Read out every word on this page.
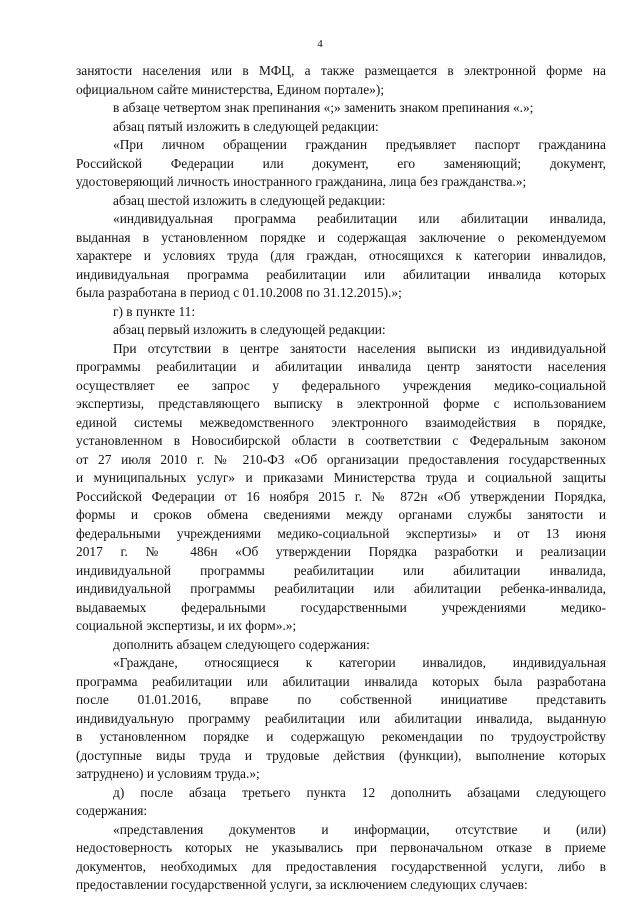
4
занятости населения или в МФЦ, а также размещается в электронной форме на
официальном сайте министерства, Едином портале»);
в абзаце четвертом знак препинания «;» заменить знаком препинания «.»;
абзац пятый изложить в следующей редакции:
«При личном обращении гражданин предъявляет паспорт гражданина
Российской Федерации или документ, его заменяющий; документ,
удостоверяющий личность иностранного гражданина, лица без гражданства.»;
абзац шестой изложить в следующей редакции:
«индивидуальная программа реабилитации или абилитации инвалида,
выданная в установленном порядке и содержащая заключение о рекомендуемом
характере и условиях труда (для граждан, относящихся к категории инвалидов,
индивидуальная программа реабилитации или абилитации инвалида которых
была разработана в период с 01.10.2008 по 31.12.2015).»;
г) в пункте 11:
абзац первый изложить в следующей редакции:
При отсутствии в центре занятости населения выписки из индивидуальной
программы реабилитации и абилитации инвалида центр занятости населения
осуществляет ее запрос у федерального учреждения медико-социальной
экспертизы, представляющего выписку в электронной форме с использованием
единой системы межведомственного электронного взаимодействия в порядке,
установленном в Новосибирской области в соответствии с Федеральным законом
от 27 июля 2010 г. № 210-ФЗ «Об организации предоставления государственных
и муниципальных услуг» и приказами Министерства труда и социальной защиты
Российской Федерации от 16 ноября 2015 г. № 872н «Об утверждении Порядка,
формы и сроков обмена сведениями между органами службы занятости и
федеральными учреждениями медико-социальной экспертизы» и от 13 июня
2017 г. № 486н «Об утверждении Порядка разработки и реализации
индивидуальной программы реабилитации или абилитации инвалида,
индивидуальной программы реабилитации или абилитации ребенка-инвалида,
выдаваемых федеральными государственными учреждениями медико-
социальной экспертизы, и их форм».»;
дополнить абзацем следующего содержания:
«Граждане, относящиеся к категории инвалидов, индивидуальная
программа реабилитации или абилитации инвалида которых была разработана
после 01.01.2016, вправе по собственной инициативе представить
индивидуальную программу реабилитации или абилитации инвалида, выданную
в установленном порядке и содержащую рекомендации по трудоустройству
(доступные виды труда и трудовые действия (функции), выполнение которых
затруднено) и условиям труда.»;
д) после абзаца третьего пункта 12 дополнить абзацами следующего
содержания:
«представления документов и информации, отсутствие и (или)
недостоверность которых не указывались при первоначальном отказе в приеме
документов, необходимых для предоставления государственной услуги, либо в
предоставлении государственной услуги, за исключением следующих случаев:
